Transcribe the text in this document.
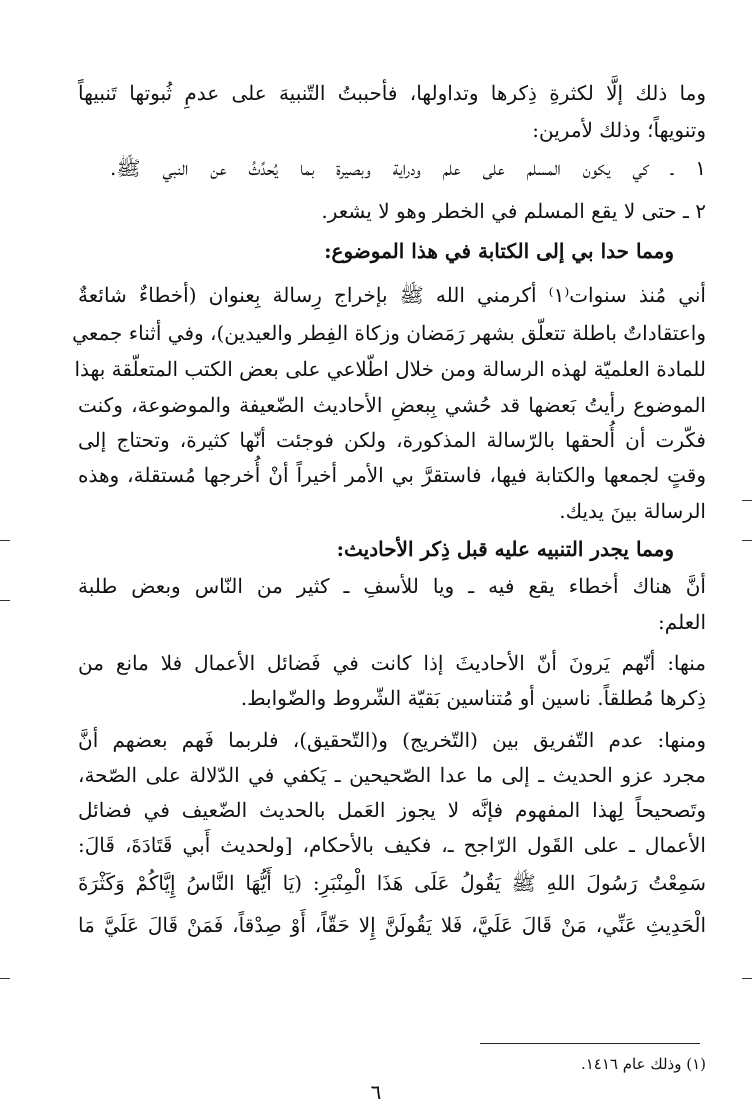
وما ذلك إلَّا لكثرةِ ذِكرها وتداولها، فأحببتُ التّنبيهَ على عدمِ ثُبوتها تَنبيهاً
وتنويهاً؛ وذلك لأمرين:
١ ـ كي يكون المسلم على علم ودراية وبصيرة بما يُحدِّثُ عن النبي ﷺ.
٢ ـ حتى لا يقع المسلم في الخطر وهو لا يشعر.
ومما حدا بي إلى الكتابة في هذا الموضوع:
أني مُنذ سنوات⁽١⁾ أكرمني الله ﷺ بإخراج رِسالة بِعنوان (أخطاءٌ شائعةٌ
واعتقاداتٌ باطلة تتعلّق بشهر رَمَضان وزكاة الفِطر والعيدين)، وفي أثناء جمعي
للمادة العلميّة لهذه الرسالة ومن خلال اطّلاعي على بعض الكتب المتعلّقة بهذا
الموضوع رأيتُ بَعضها قد حُشي بِبعضِ الأحاديث الضّعيفة والموضوعة، وكنت
فكّرت أن أُلحقها بالرّسالة المذكورة، ولكن فوجئت أنّها كثيرة، وتحتاج إلى
وقتٍ لجمعها والكتابة فيها، فاستقرَّ بي الأمر أخيراً أنْ أُخرجها مُستقلة، وهذه
الرسالة بينَ يديك.
ومما يجدر التنبيه عليه قبل ذِكر الأحاديث:
أنَّ هناك أخطاء يقع فيه ـ ويا للأسفِ ـ كثير من النّاس وبعض طلبة
العلم:
منها: أنّهم يَرونَ أنّ الأحاديثَ إذا كانت في فَضائل الأعمال فلا مانع من
ذِكرها مُطلقاً. ناسين أو مُتناسين بَقيّة الشّروط والضّوابط.
ومنها: عدم التّفريق بين (التّخريج) و(التّحقيق)، فلربما فَهم بعضهم أنَّ
مجرد عزو الحديث ـ إلى ما عدا الصّحيحين ـ يَكفي في الدّلالة على الصّحة،
وتَصحيحاً لِهذا المفهوم فإنَّه لا يجوز العَمل بالحديث الضّعيف في فضائل
الأعمال ـ على القَول الرّاجح ـ، فكيف بالأحكام، [ولحديث أَبي قَتَادَةَ، قَالَ:
سَمِعْتُ رَسُولَ اللهِ ﷺ يَقُولُ عَلَى هَذَا الْمِنْبَرِ: (يَا أَيُّهَا النَّاسُ إِيَّاكُمْ وَكَثْرَةَ
الْحَدِيثِ عَنِّي، مَنْ قَالَ عَلَيَّ، فَلا يَقُولَنَّ إِلا حَقّاً، أَوْ صِدْقاً، فَمَنْ قَالَ عَلَيَّ مَا
(١) وذلك عام ١٤١٦.
٦
